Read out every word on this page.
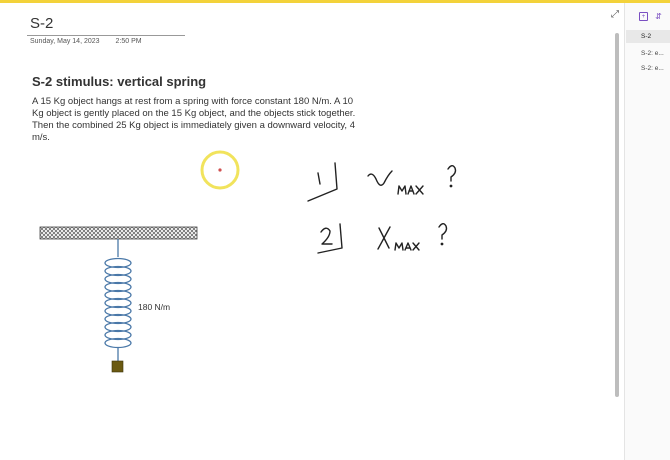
S-2
Sunday, May 14, 2023 2:50 PM
S-2 stimulus: vertical spring
A 15 Kg object hangs at rest from a spring with force constant 180 N/m. A 10 Kg object is gently placed on the 15 Kg object, and the objects stick together. Then the combined 25 Kg object is immediately given a downward velocity, 4 m/s.
180 N/m
⤢	+	⇵
S-2
S-2: e...
S-2: e...
